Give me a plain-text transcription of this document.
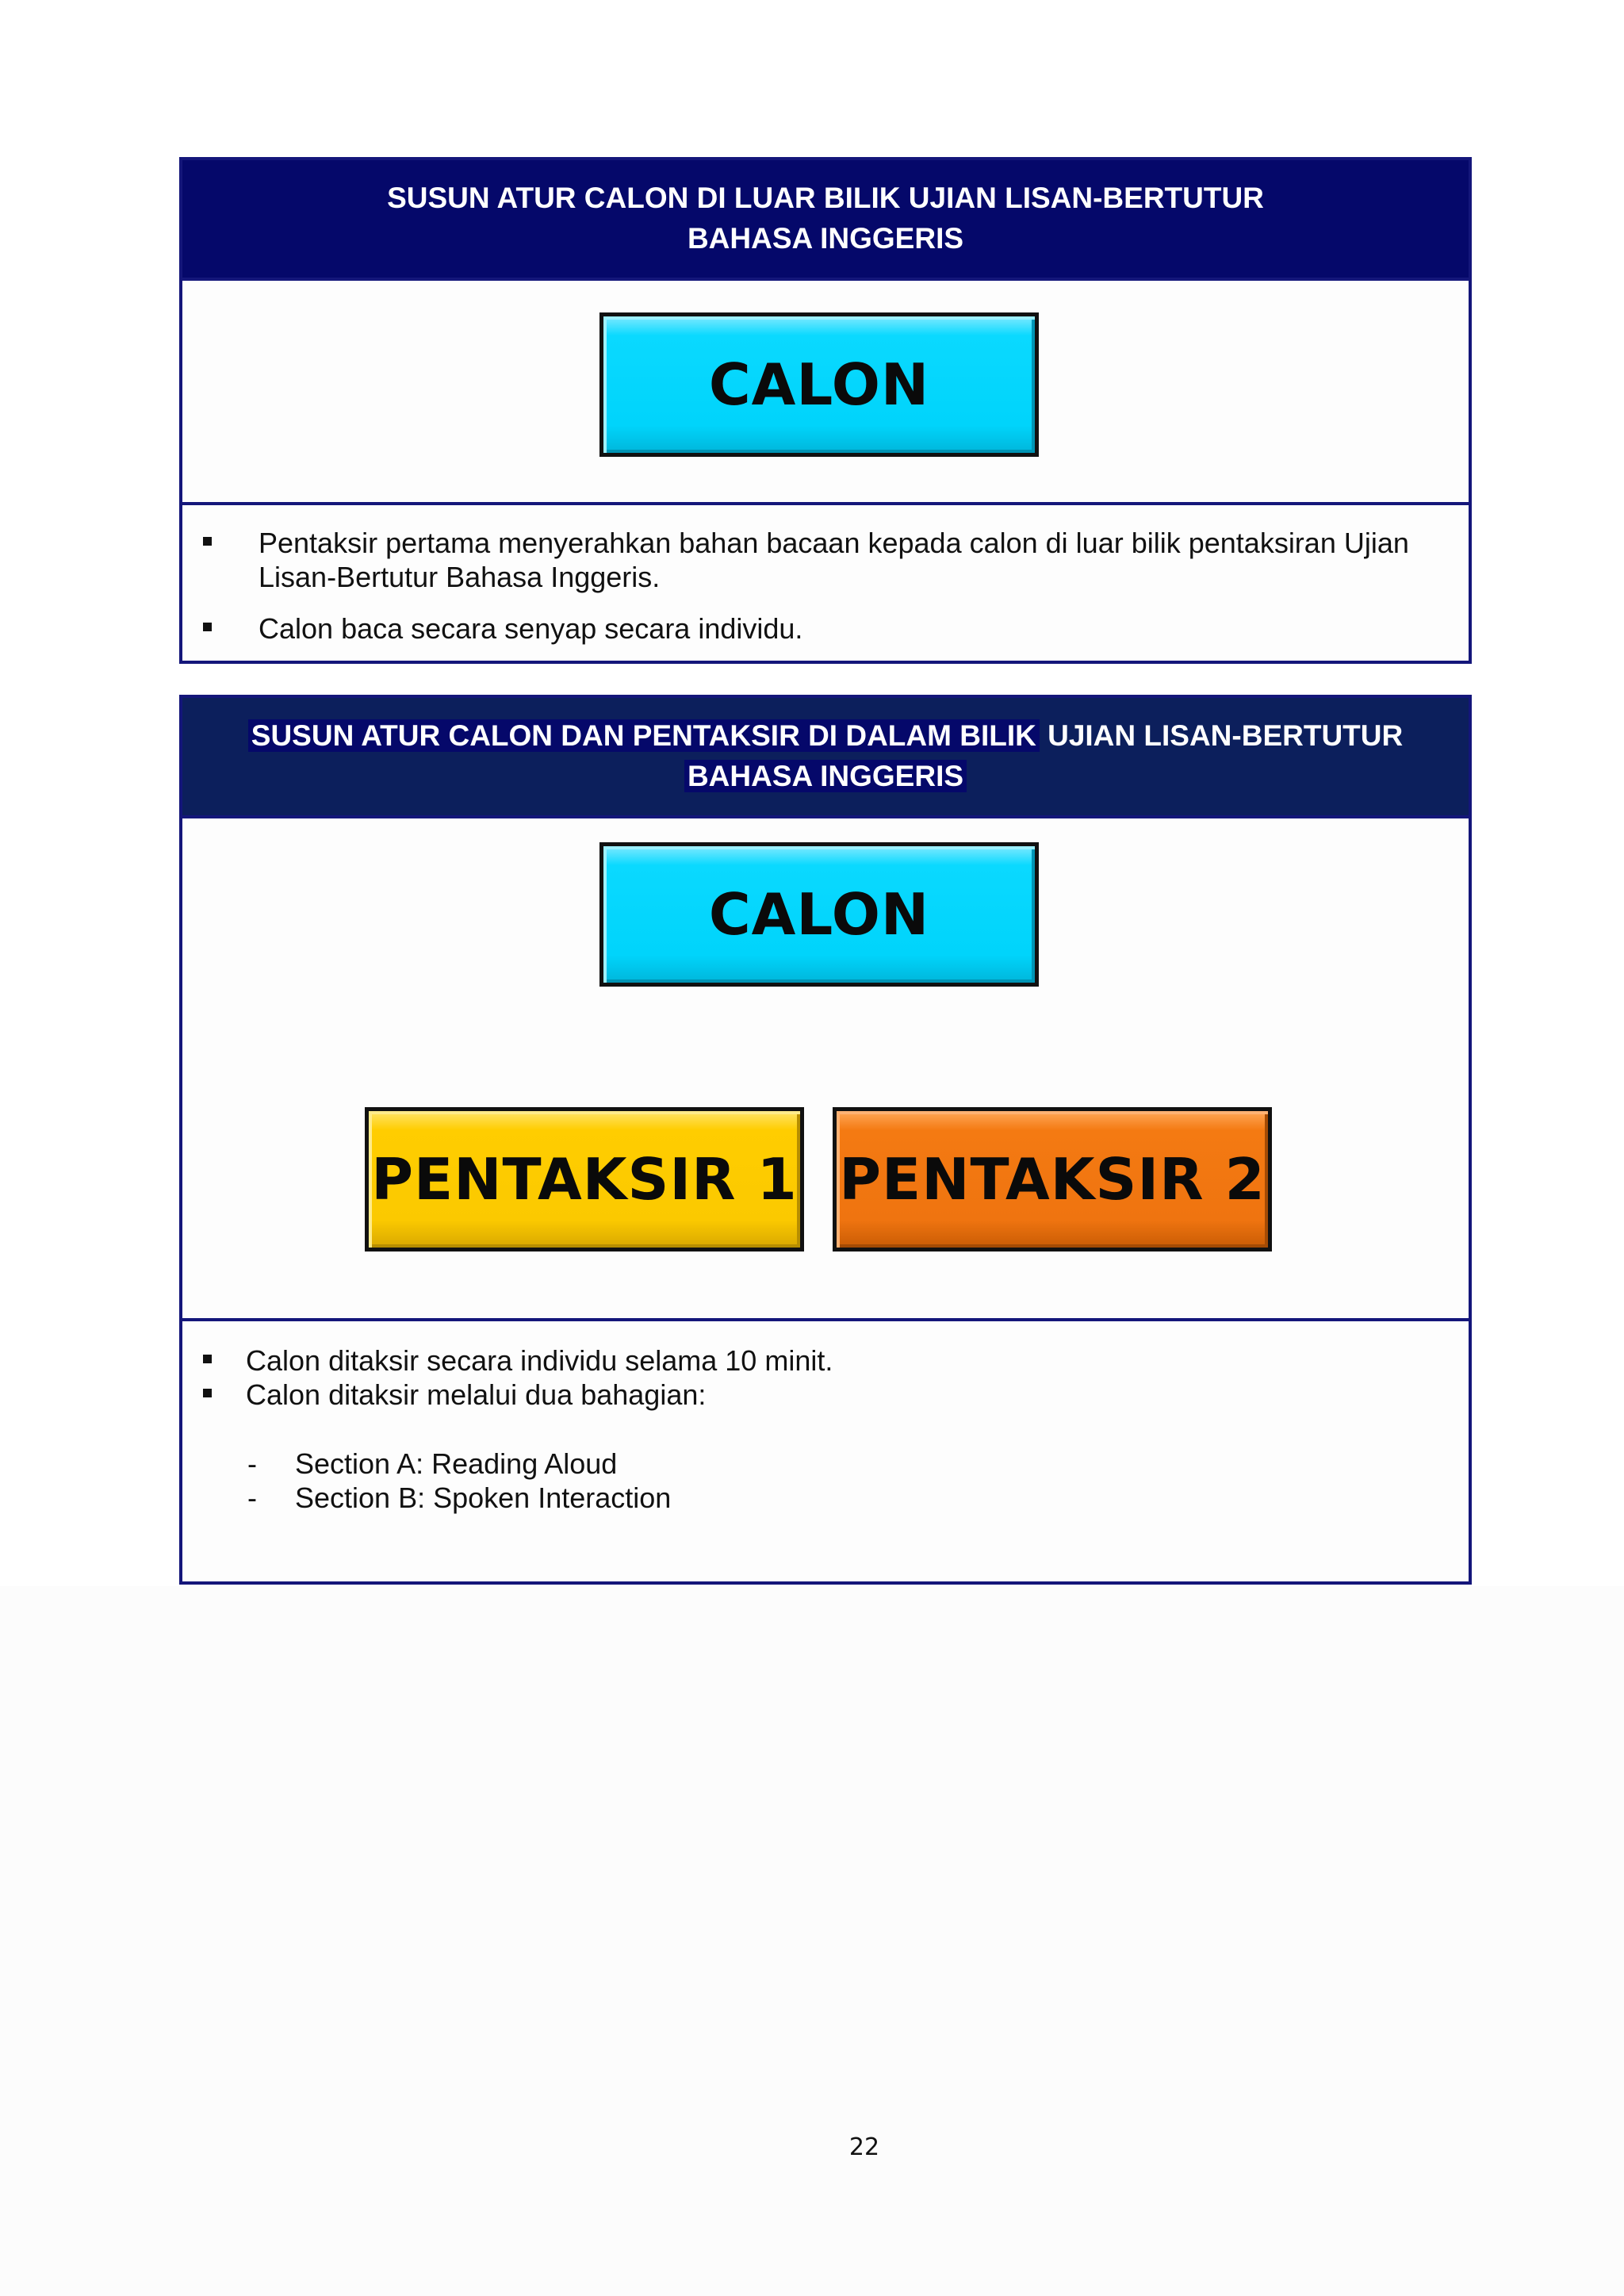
SUSUN ATUR CALON DI LUAR BILIK UJIAN LISAN-BERTUTUR
BAHASA INGGERIS
CALON
Pentaksir pertama menyerahkan bahan bacaan kepada calon di luar bilik pentaksiran Ujian Lisan-Bertutur Bahasa Inggeris.
Calon baca secara senyap secara individu.
SUSUN ATUR CALON DAN PENTAKSIR DI DALAM BILIK UJIAN LISAN-BERTUTUR
BAHASA INGGERIS
CALON
PENTAKSIR 1 PENTAKSIR 2
Calon ditaksir secara individu selama 10 minit.
Calon ditaksir melalui dua bahagian:
- Section A: Reading Aloud
- Section B: Spoken Interaction
22
